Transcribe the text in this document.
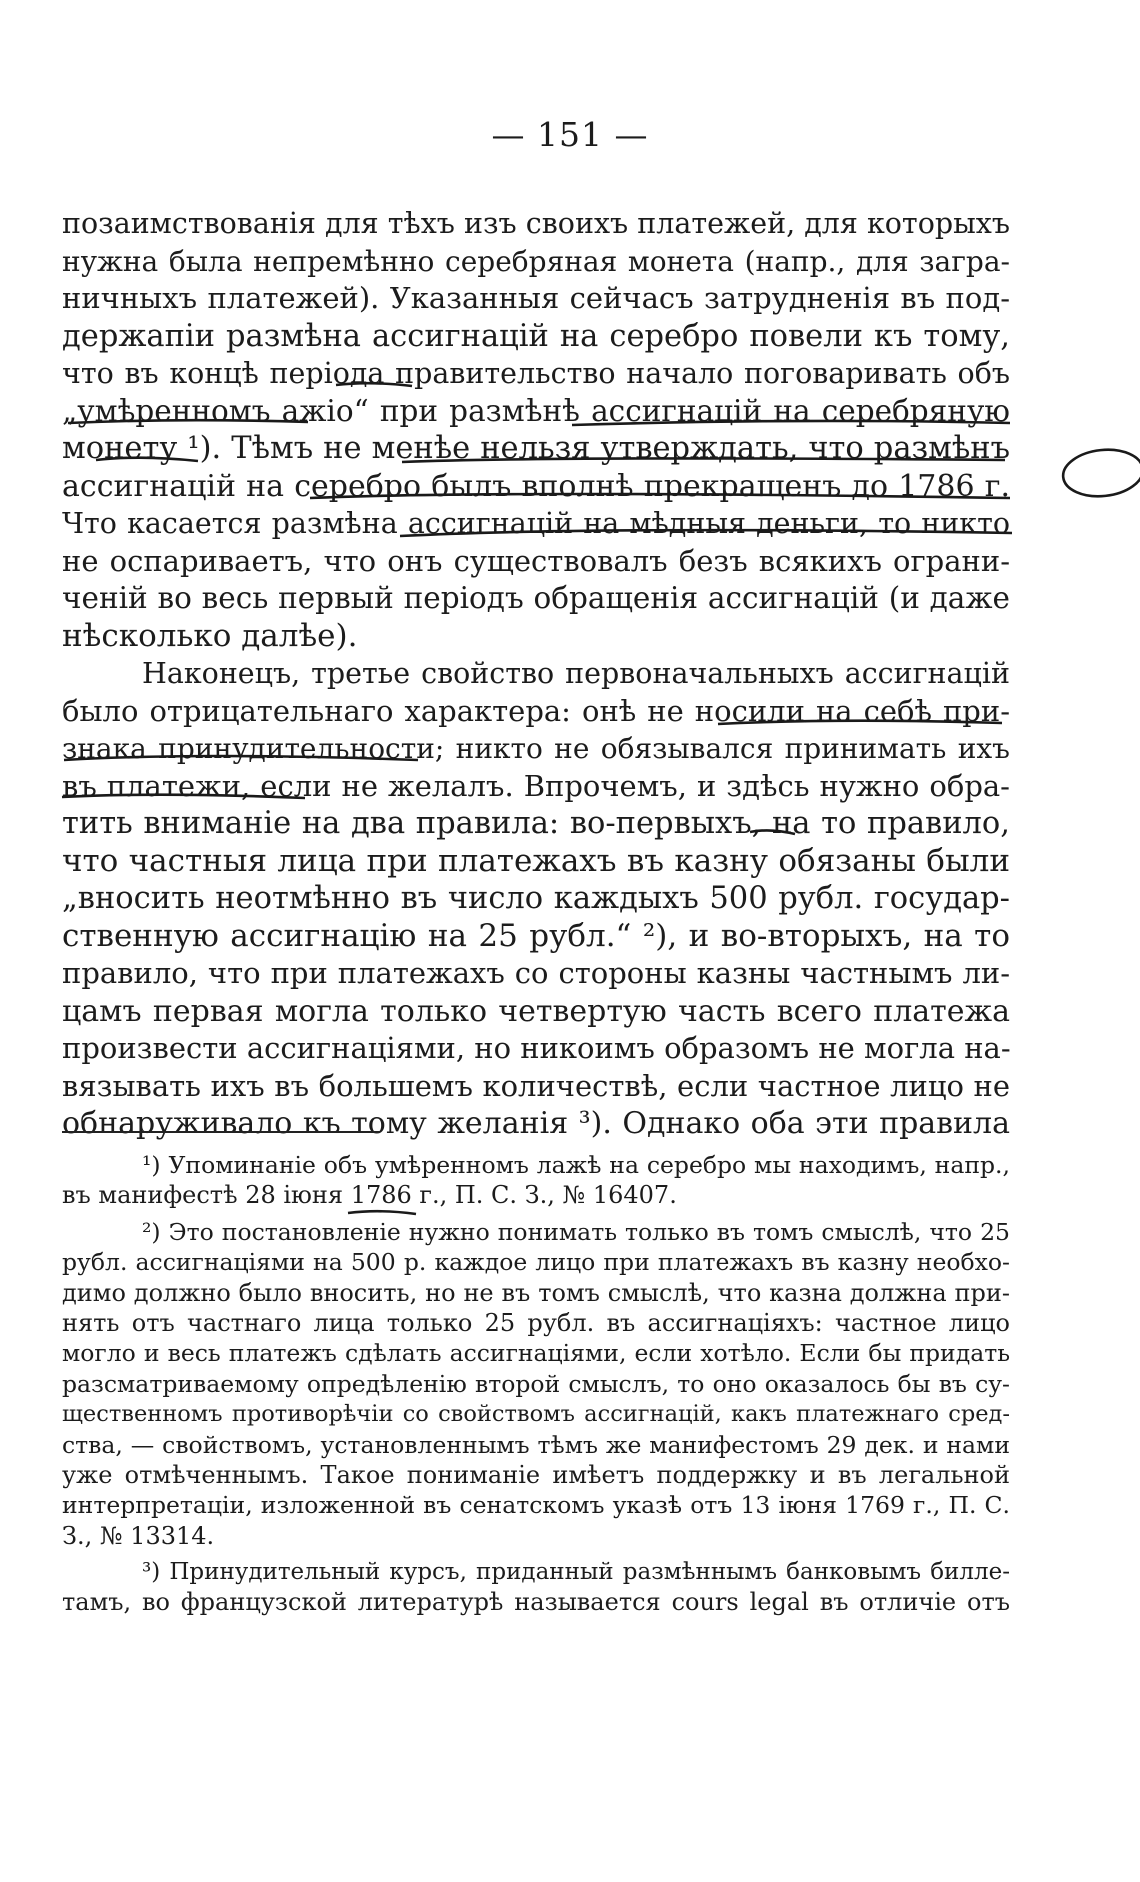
— 151 —
позаимствованія для тѣхъ изъ своихъ платежей, для которыхъ
нужна была непремѣнно серебряная монета (напр., для загра-
ничныхъ платежей). Указанныя сейчасъ затрудненія въ под-
держапіи размѣна ассигнацій на серебро повели къ тому,
что въ концѣ періода правительство начало поговаривать объ
„умѣренномъ ажіо“ при размѣнѣ ассигнацій на серебряную
монету ¹). Тѣмъ не менѣе нельзя утверждать, что размѣнъ
ассигнацій на серебро былъ вполнѣ прекращенъ до 1786 г.
Что касается размѣна ассигнацій на мѣдныя деньги, то никто
не оспариваетъ, что онъ существовалъ безъ всякихъ ограни-
ченій во весь первый періодъ обращенія ассигнацій (и даже
нѣсколько далѣе).
Наконецъ, третье свойство первоначальныхъ ассигнацій
было отрицательнаго характера: онѣ не носили на себѣ при-
знака принудительности; никто не обязывался принимать ихъ
въ платежи, если не желалъ. Впрочемъ, и здѣсь нужно обра-
тить вниманіе на два правила: во-первыхъ, на то правило,
что частныя лица при платежахъ въ казну обязаны были
„вносить неотмѣнно въ число каждыхъ 500 рубл. государ-
ственную ассигнацію на 25 рубл.“ ²), и во-вторыхъ, на то
правило, что при платежахъ со стороны казны частнымъ ли-
цамъ первая могла только четвертую часть всего платежа
произвести ассигнаціями, но никоимъ образомъ не могла на-
вязывать ихъ въ большемъ количествѣ, если частное лицо не
обнаруживало къ тому желанія ³). Однако оба эти правила
¹) Упоминаніе объ умѣренномъ лажѣ на серебро мы находимъ, напр.,
въ манифестѣ 28 іюня 1786 г., П. С. З., № 16407.
²) Это постановленіе нужно понимать только въ томъ смыслѣ, что 25
рубл. ассигнаціями на 500 р. каждое лицо при платежахъ въ казну необхо-
димо должно было вносить, но не въ томъ смыслѣ, что казна должна при-
нять отъ частнаго лица только 25 рубл. въ ассигнаціяхъ: частное лицо
могло и весь платежъ сдѣлать ассигнаціями, если хотѣло. Если бы придать
разсматриваемому опредѣленію второй смыслъ, то оно оказалось бы въ су-
щественномъ противорѣчіи со свойствомъ ассигнацій, какъ платежнаго сред-
ства, — свойствомъ, установленнымъ тѣмъ же манифестомъ 29 дек. и нами
уже отмѣченнымъ. Такое пониманіе имѣетъ поддержку и въ легальной
интерпретаціи, изложенной въ сенатскомъ указѣ отъ 13 іюня 1769 г., П. С.
З., № 13314.
³) Принудительный курсъ, приданный размѣннымъ банковымъ билле-
тамъ, во французской литературѣ называется cours legal въ отличіе отъ
